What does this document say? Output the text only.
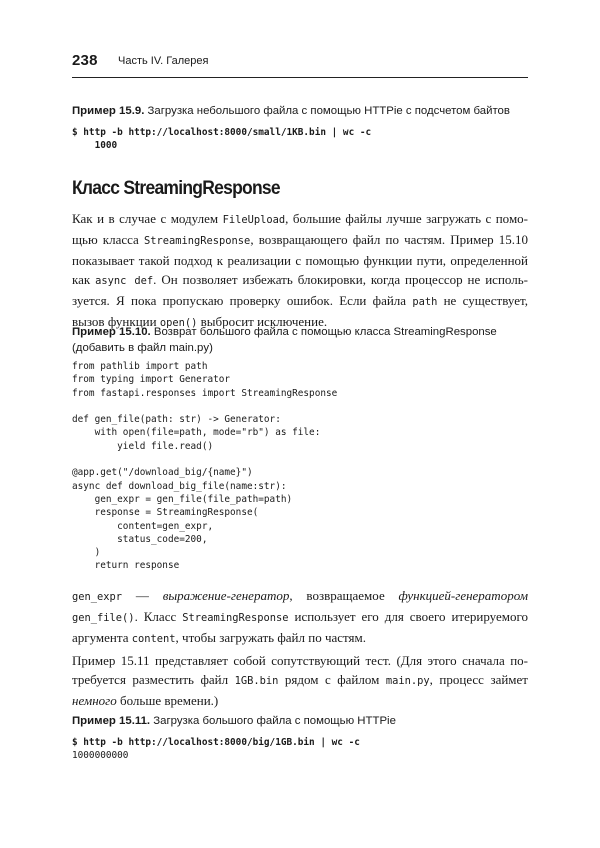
238 Часть IV. Галерея
Пример 15.9. Загрузка небольшого файла с помощью HTTPie с подсчетом байтов
$ http -b http://localhost:8000/small/1KB.bin | wc -c
1000
Класс StreamingResponse
Как и в случае с модулем FileUpload, большие файлы лучше загружать с помо-
щью класса StreamingResponse, возвращающего файл по частям. Пример 15.10
показывает такой подход к реализации с помощью функции пути, определенной
как async def. Он позволяет избежать блокировки, когда процессор не исполь-
зуется. Я пока пропускаю проверку ошибок. Если файла path не существует,
вызов функции open() выбросит исключение.
Пример 15.10. Возврат большого файла с помощью класса StreamingResponse
(добавить в файл main.py)
from pathlib import path
from typing import Generator
from fastapi.responses import StreamingResponse

def gen_file(path: str) -> Generator:
with open(file=path, mode="rb") as file:
yield file.read()

@app.get("/download_big/{name}")
async def download_big_file(name:str):
gen_expr = gen_file(file_path=path)
response = StreamingResponse(
content=gen_expr,
status_code=200,
)
return response
gen_expr — выражение-генератор, возвращаемое функцией-генератором
gen_file(). Класс StreamingResponse использует его для своего итерируемого
аргумента content, чтобы загружать файл по частям.
Пример 15.11 представляет собой сопутствующий тест. (Для этого сначала по-
требуется разместить файл 1GB.bin рядом с файлом main.py, процесс займет
немного больше времени.)
Пример 15.11. Загрузка большого файла с помощью HTTPie
$ http -b http://localhost:8000/big/1GB.bin | wc -c
1000000000
